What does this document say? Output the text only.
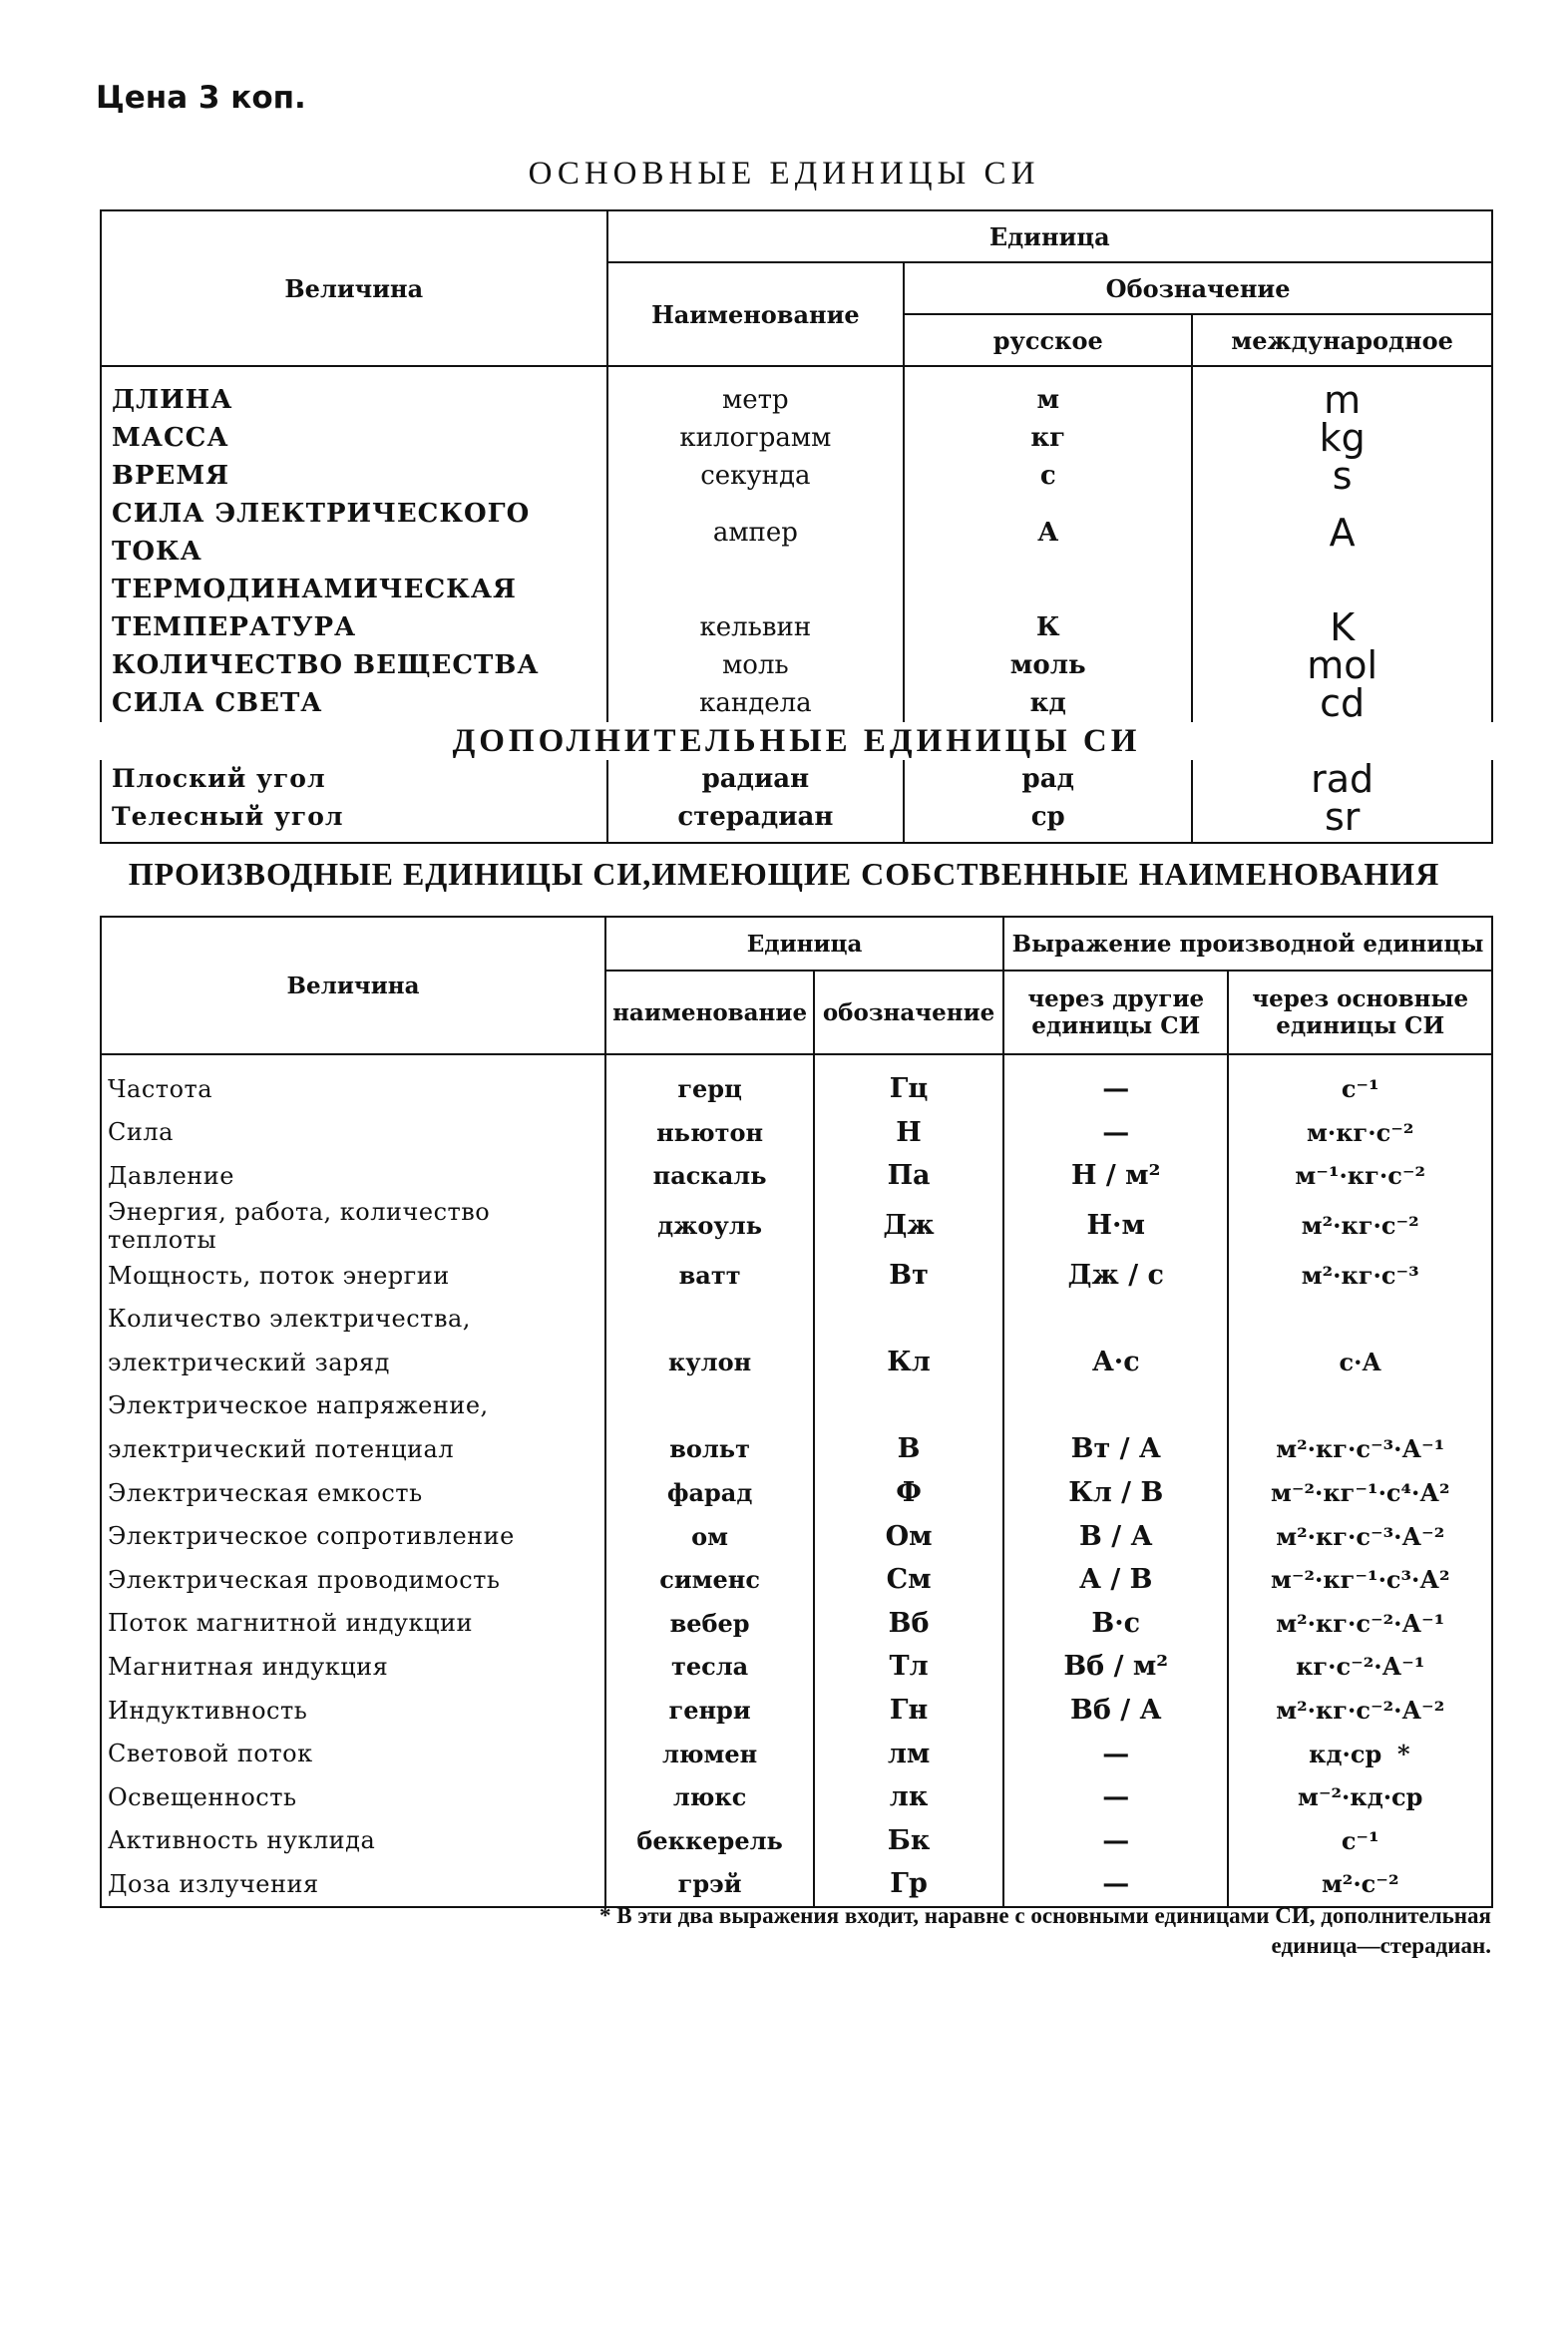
Цена 3 коп.
ОСНОВНЫЕ ЕДИНИЦЫ СИ
Величина	Единица		
	Наименование	Обозначение	
		русское	международное
ДЛИНА	метр	м	m
МАССА	килограмм	кг	kg
ВРЕМЯ	секунда	с	s
СИЛА ЭЛЕКТРИЧЕСКОГО ТОКА	ампер	А	A
ТЕРМОДИНАМИЧЕСКАЯ			
ТЕМПЕРАТУРА	кельвин	К	K
КОЛИЧЕСТВО ВЕЩЕСТВА	моль	моль	mol
СИЛА СВЕТА	кандела	кд	cd
ДОПОЛНИТЕЛЬНЫЕ ЕДИНИЦЫ СИ			
Плоский угол	радиан	рад	rad
Телесный угол	стерадиан	ср	sr
ПРОИЗВОДНЫЕ ЕДИНИЦЫ СИ,ИМЕЮЩИЕ СОБСТВЕННЫЕ НАИМЕНОВАНИЯ
Величина	Единица		Выражение производной единицы	
	наименование	обозначение	через другие единицы СИ	через основные единицы СИ
Частота	герц	Гц	—	с⁻¹
Сила	ньютон	Н	—	м·кг·с⁻²
Давление	паскаль	Па	Н / м²	м⁻¹·кг·с⁻²
Энергия, работа, количество теплоты	джоуль	Дж	Н·м	м²·кг·с⁻²
Мощность, поток энергии	ватт	Вт	Дж / с	м²·кг·с⁻³
Количество электричества,				
электрический заряд	кулон	Кл	А·с	с·А
Электрическое напряжение,				
электрический потенциал	вольт	В	Вт / А	м²·кг·с⁻³·А⁻¹
Электрическая емкость	фарад	Ф	Кл / В	м⁻²·кг⁻¹·с⁴·А²
Электрическое сопротивление	ом	Ом	В / А	м²·кг·с⁻³·А⁻²
Электрическая проводимость	сименс	См	А / В	м⁻²·кг⁻¹·с³·А²
Поток магнитной индукции	вебер	Вб	В·с	м²·кг·с⁻²·А⁻¹
Магнитная индукция	тесла	Тл	Вб / м²	кг·с⁻²·А⁻¹
Индуктивность	генри	Гн	Вб / А	м²·кг·с⁻²·А⁻²
Световой поток	люмен	лм	—	кд·ср *
Освещенность	люкс	лк	—	м⁻²·кд·ср
Активность нуклида	беккерель	Бк	—	с⁻¹
Доза излучения	грэй	Гр	—	м²·с⁻²
* В эти два выражения входит, наравне с основными единицами СИ, дополнительная
единица—стерадиан.
